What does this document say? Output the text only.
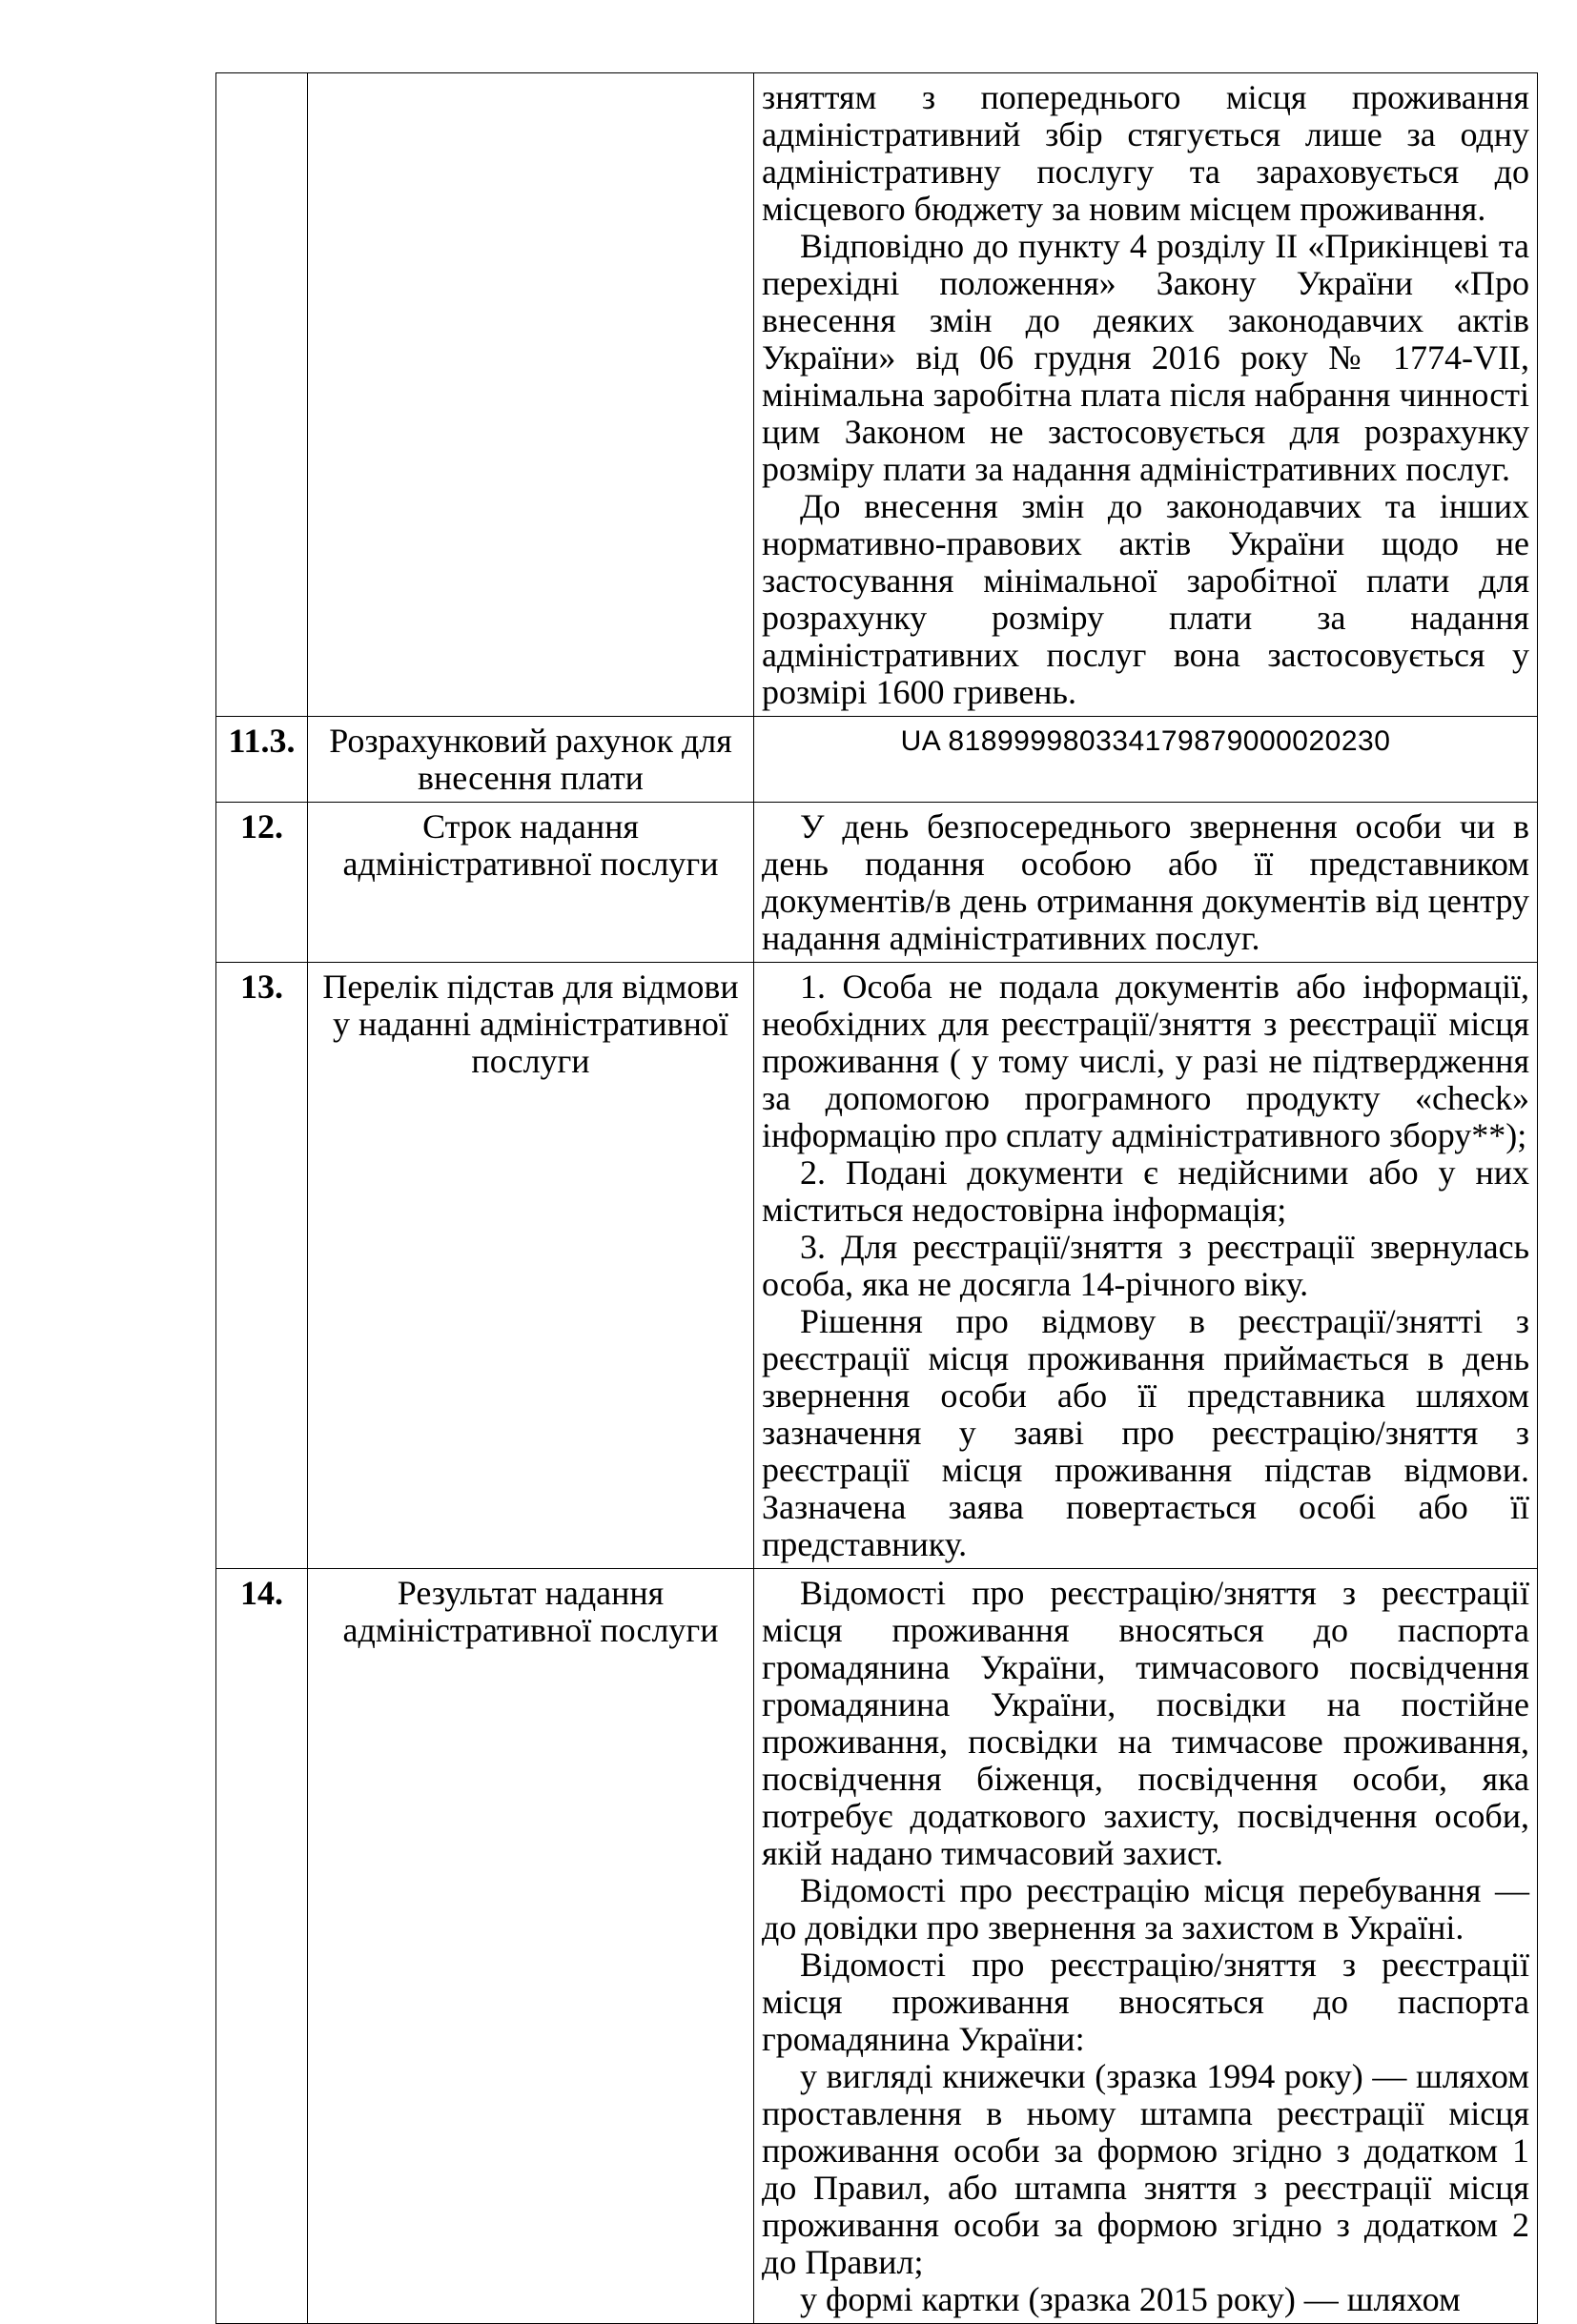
		зняттям з попереднього місця проживання адміністративний збір стягується лише за одну адміністративну послугу та зараховується до місцевого бюджету за новим місцем проживання.

Відповідно до пункту 4 розділу ІІ «Прикінцеві та перехідні положення» Закону України «Про внесення змін до деяких законодавчих актів України» від 06 грудня 2016 року № 1774-VIІ, мінімальна заробітна плата після набрання чинності цим Законом не застосовується для розрахунку розміру плати за надання адміністративних послуг.

До внесення змін до законодавчих та інших нормативно-правових актів України щодо не застосування мінімальної заробітної плати для розрахунку розміру плати за надання адміністративних послуг вона застосовується у розмірі 1600 гривень.

11.3.	Розрахунковий рахунок для внесення плати	UA 818999980334179879000020230

12.	Строк надання адміністративної послуги	У день безпосереднього звернення особи чи в день подання особою або її представником документів/в день отримання документів від центру надання адміністративних послуг.

13.	Перелік підстав для відмови у наданні адміністративної послуги	1. Особа не подала документів або інформації, необхідних для реєстрації/зняття з реєстрації місця проживання ( у тому числі, у разі не підтвердження за допомогою програмного продукту «check» інформацію про сплату адміністративного збору**);

2. Подані документи є недійсними або у них міститься недостовірна інформація;

3. Для реєстрації/зняття з реєстрації звернулась особа, яка не досягла 14-річного віку.

Рішення про відмову в реєстрації/знятті з реєстрації місця проживання приймається в день звернення особи або її представника шляхом зазначення у заяві про реєстрацію/зняття з реєстрації місця проживання підстав відмови. Зазначена заява повертається особі або її представнику.

14.	Результат надання адміністративної послуги	Відомості про реєстрацію/зняття з реєстрації місця проживання вносяться до паспорта громадянина України, тимчасового посвідчення громадянина України, посвідки на постійне проживання, посвідки на тимчасове проживання, посвідчення біженця, посвідчення особи, яка потребує додаткового захисту, посвідчення особи, якій надано тимчасовий захист.

Відомості про реєстрацію місця перебування — до довідки про звернення за захистом в Україні.

Відомості про реєстрацію/зняття з реєстрації місця проживання вносяться до паспорта громадянина України:

у вигляді книжечки (зразка 1994 року) — шляхом проставлення в ньому штампа реєстрації місця проживання особи за формою згідно з додатком 1 до Правил, або штампа зняття з реєстрації місця проживання особи за формою згідно з додатком 2 до Правил;

у формі картки (зразка 2015 року) — шляхом
